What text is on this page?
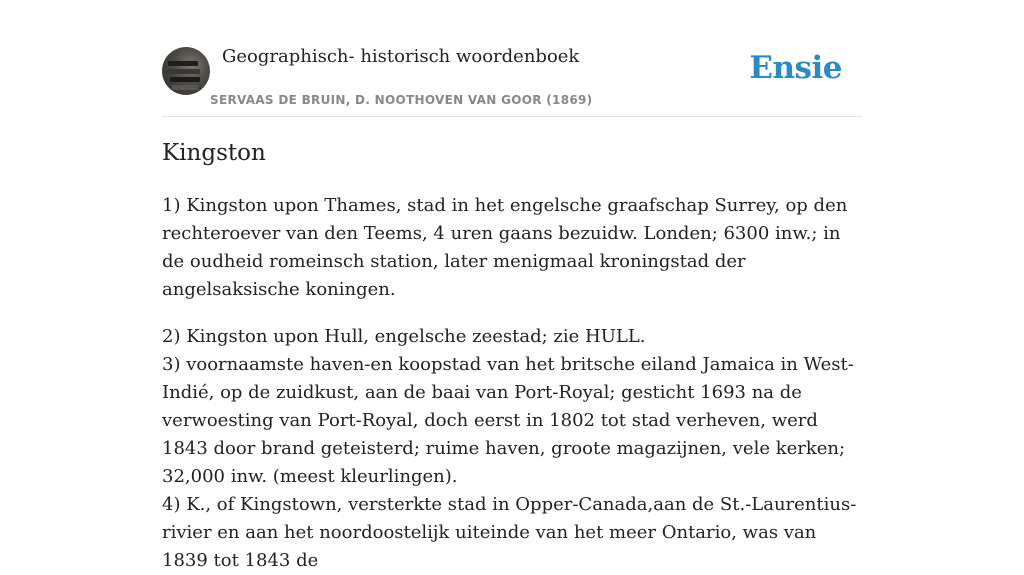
Geographisch- historisch woordenboek
SERVAAS DE BRUIN, D. NOOTHOVEN VAN GOOR (1869)
Ensie
Kingston

1) Kingston upon Thames, stad in het engelsche graafschap Surrey, op den rechteroever van den Teems, 4 uren gaans bezuidw. Londen; 6300 inw.; in de oudheid romeinsch station, later menigmaal kroningstad der angelsaksische koningen.

2) Kingston upon Hull, engelsche zeestad; zie HULL.
3) voornaamste haven-en koopstad van het britsche eiland Jamaica in West-Indié, op de zuidkust, aan de baai van Port-Royal; gesticht 1693 na de verwoesting van Port-Royal, doch eerst in 1802 tot stad verheven, werd 1843 door brand geteisterd; ruime haven, groote magazijnen, vele kerken; 32,000 inw. (meest kleurlingen).
4) K., of Kingstown, versterkte stad in Opper-Canada,aan de St.-Laurentius-rivier en aan het noordoostelijk uiteinde van het meer Ontario, was van 1839 tot 1843 de
